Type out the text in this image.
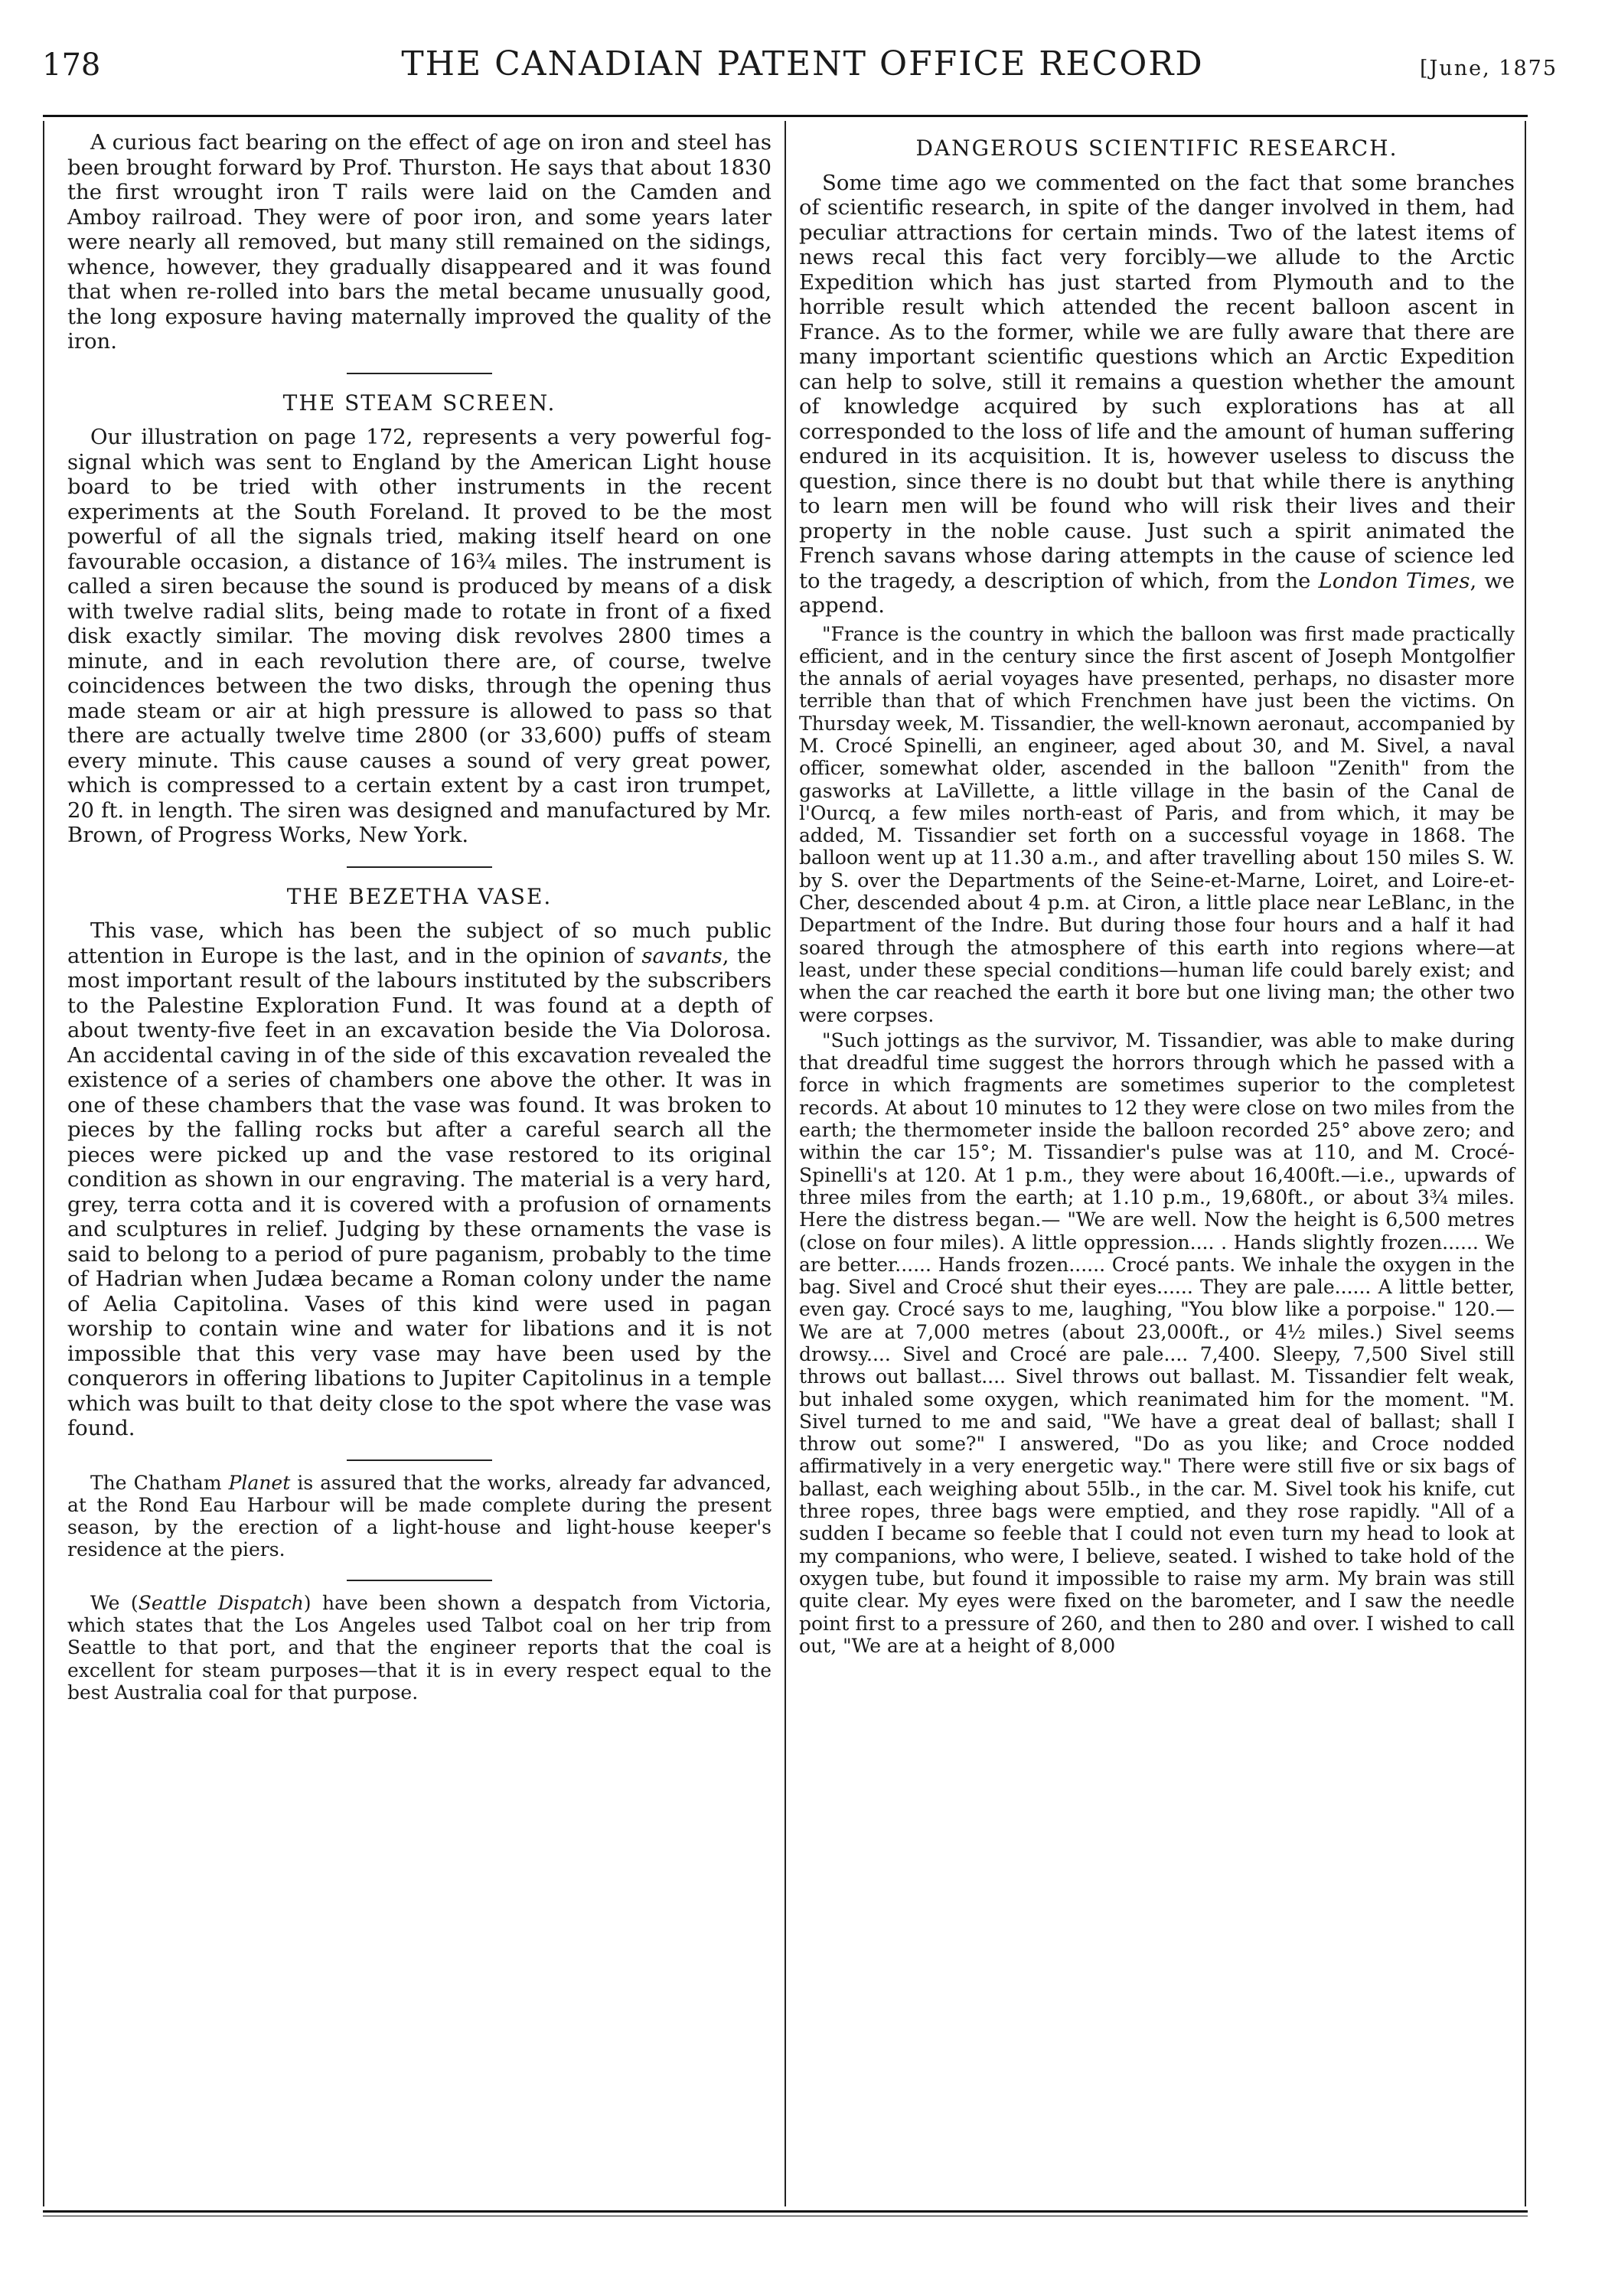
178	THE CANADIAN PATENT OFFICE RECORD	[June, 1875

A curious fact bearing on the effect of age on iron and steel has been brought forward by Prof. Thurston. He says that about 1830 the first wrought iron T rails were laid on the Camden and Amboy railroad. They were of poor iron, and some years later were nearly all removed, but many still remained on the sidings, whence, however, they gradually disappeared and it was found that when re-rolled into bars the metal became unusually good, the long exposure having maternally improved the quality of the iron.

THE STEAM SCREEN.

Our illustration on page 172, represents a very powerful fog-signal which was sent to England by the American Light house board to be tried with other instruments in the recent experiments at the South Foreland. It proved to be the most powerful of all the signals tried, making itself heard on one favourable occasion, a distance of 16¾ miles. The instrument is called a siren because the sound is produced by means of a disk with twelve radial slits, being made to rotate in front of a fixed disk exactly similar. The moving disk revolves 2800 times a minute, and in each revolution there are, of course, twelve coincidences between the two disks, through the opening thus made steam or air at high pressure is allowed to pass so that there are actually twelve time 2800 (or 33,600) puffs of steam every minute. This cause causes a sound of very great power, which is compressed to a certain extent by a cast iron trumpet, 20 ft. in length. The siren was designed and manufactured by Mr. Brown, of Progress Works, New York.

THE BEZETHA VASE.

This vase, which has been the subject of so much public attention in Europe is the last, and in the opinion of savants, the most important result of the labours instituted by the subscribers to the Palestine Exploration Fund. It was found at a depth of about twenty-five feet in an excavation beside the Via Dolorosa. An accidental caving in of the side of this excavation revealed the existence of a series of chambers one above the other. It was in one of these chambers that the vase was found. It was broken to pieces by the falling rocks but after a careful search all the pieces were picked up and the vase restored to its original condition as shown in our engraving. The material is a very hard, grey, terra cotta and it is covered with a profusion of ornaments and sculptures in relief. Judging by these ornaments the vase is said to belong to a period of pure paganism, probably to the time of Hadrian when Judæa became a Roman colony under the name of Aelia Capitolina. Vases of this kind were used in pagan worship to contain wine and water for libations and it is not impossible that this very vase may have been used by the conquerors in offering libations to Jupiter Capitolinus in a temple which was built to that deity close to the spot where the vase was found.

The Chatham Planet is assured that the works, already far advanced, at the Rond Eau Harbour will be made complete during the present season, by the erection of a light-house and light-house keeper's residence at the piers.

We (Seattle Dispatch) have been shown a despatch from Victoria, which states that the Los Angeles used Talbot coal on her trip from Seattle to that port, and that the engineer reports that the coal is excellent for steam purposes—that it is in every respect equal to the best Australia coal for that purpose.

DANGEROUS SCIENTIFIC RESEARCH.

Some time ago we commented on the fact that some branches of scientific research, in spite of the danger involved in them, had peculiar attractions for certain minds. Two of the latest items of news recal this fact very forcibly—we allude to the Arctic Expedition which has just started from Plymouth and to the horrible result which attended the recent balloon ascent in France. As to the former, while we are fully aware that there are many important scientific questions which an Arctic Expedition can help to solve, still it remains a question whether the amount of knowledge acquired by such explorations has at all corresponded to the loss of life and the amount of human suffering endured in its acquisition. It is, however useless to discuss the question, since there is no doubt but that while there is anything to learn men will be found who will risk their lives and their property in the noble cause. Just such a spirit animated the French savans whose daring attempts in the cause of science led to the tragedy, a description of which, from the London Times, we append.

"France is the country in which the balloon was first made practically efficient, and in the century since the first ascent of Joseph Montgolfier the annals of aerial voyages have presented, perhaps, no disaster more terrible than that of which Frenchmen have just been the victims. On Thursday week, M. Tissandier, the well-known aeronaut, accompanied by M. Crocé Spinelli, an engineer, aged about 30, and M. Sivel, a naval officer, somewhat older, ascended in the balloon "Zenith" from the gasworks at LaVillette, a little village in the basin of the Canal de l'Ourcq, a few miles north-east of Paris, and from which, it may be added, M. Tissandier set forth on a successful voyage in 1868. The balloon went up at 11.30 a.m., and after travelling about 150 miles S. W. by S. over the Departments of the Seine-et-Marne, Loiret, and Loire-et-Cher, descended about 4 p.m. at Ciron, a little place near LeBlanc, in the Department of the Indre. But during those four hours and a half it had soared through the atmosphere of this earth into regions where—at least, under these special conditions—human life could barely exist; and when the car reached the earth it bore but one living man; the other two were corpses.

"Such jottings as the survivor, M. Tissandier, was able to make during that dreadful time suggest the horrors through which he passed with a force in which fragments are sometimes superior to the completest records. At about 10 minutes to 12 they were close on two miles from the earth; the thermometer inside the balloon recorded 25° above zero; and within the car 15°; M. Tissandier's pulse was at 110, and M. Crocé-Spinelli's at 120. At 1 p.m., they were about 16,400ft.—i.e., upwards of three miles from the earth; at 1.10 p.m., 19,680ft., or about 3¾ miles. Here the distress began.— "We are well. Now the height is 6,500 metres (close on four miles). A little oppression.... . Hands slightly frozen...... We are better...... Hands frozen...... Crocé pants. We inhale the oxygen in the bag. Sivel and Crocé shut their eyes...... They are pale...... A little better, even gay. Crocé says to me, laughing, "You blow like a porpoise." 120.—We are at 7,000 metres (about 23,000ft., or 4½ miles.) Sivel seems drowsy.... Sivel and Crocé are pale.... 7,400. Sleepy, 7,500 Sivel still throws out ballast.... Sivel throws out ballast. M. Tissandier felt weak, but inhaled some oxygen, which reanimated him for the moment. "M. Sivel turned to me and said, "We have a great deal of ballast; shall I throw out some?" I answered, "Do as you like; and Croce nodded affirmatively in a very energetic way." There were still five or six bags of ballast, each weighing about 55lb., in the car. M. Sivel took his knife, cut three ropes, three bags were emptied, and they rose rapidly. "All of a sudden I became so feeble that I could not even turn my head to look at my companions, who were, I believe, seated. I wished to take hold of the oxygen tube, but found it impossible to raise my arm. My brain was still quite clear. My eyes were fixed on the barometer, and I saw the needle point first to a pressure of 260, and then to 280 and over. I wished to call out, "We are at a height of 8,000
